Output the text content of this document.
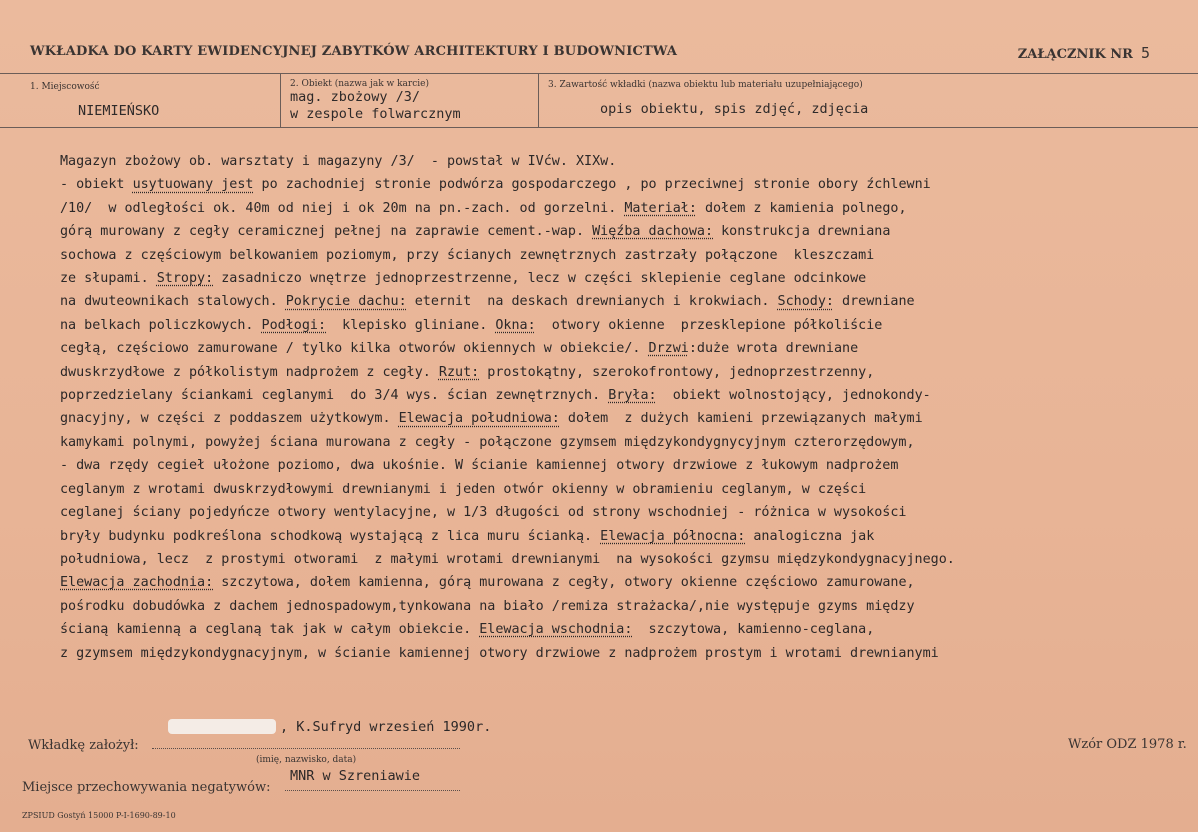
WKŁADKA DO KARTY EWIDENCYJNEJ ZABYTKÓW ARCHITEKTURY I BUDOWNICTWA	ZAŁĄCZNIK NR 5
1. Miejscowość
NIEMIEŃSKO
2. Obiekt (nazwa jak w karcie)
mag. zbożowy /3/
w zespole folwarcznym
3. Zawartość wkładki (nazwa obiektu lub materiału uzupełniającego)
opis obiektu, spis zdjęć, zdjęcia
Magazyn zbożowy ob. warsztaty i magazyny /3/  - powstał w IVćw. XIXw.
- obiekt usytuowany jest po zachodniej stronie podwórza gospodarczego , po przeciwnej stronie obory źchlewni
/10/  w odległości ok. 40m od niej i ok 20m na pn.-zach. od gorzelni. Materiał: dołem z kamienia polnego,
górą murowany z cegły ceramicznej pełnej na zaprawie cement.-wap. Więźba dachowa: konstrukcja drewniana
sochowa z częściowym belkowaniem poziomym, przy ścianych zewnętrznych zastrzały połączone  kleszczami
ze słupami. Stropy: zasadniczo wnętrze jednoprzestrzenne, lecz w części sklepienie ceglane odcinkowe
na dwuteownikach stalowych. Pokrycie dachu: eternit  na deskach drewnianych i krokwiach. Schody: drewniane
na belkach policzkowych. Podłogi:  klepisko gliniane. Okna:  otwory okienne  przesklepione półkoliście
cegłą, częściowo zamurowane / tylko kilka otworów okiennych w obiekcie/. Drzwi:duże wrota drewniane
dwuskrzydłowe z półkolistym nadprożem z cegły. Rzut: prostokątny, szerokofrontowy, jednoprzestrzenny,
poprzedzielany ściankami ceglanymi  do 3/4 wys. ścian zewnętrznych. Bryła:  obiekt wolnostojący, jednokondy-
gnacyjny, w części z poddaszem użytkowym. Elewacja południowa: dołem  z dużych kamieni przewiązanych małymi
kamykami polnymi, powyżej ściana murowana z cegły - połączone gzymsem międzykondygnycyjnym czterorzędowym,
- dwa rzędy cegieł ułożone poziomo, dwa ukośnie. W ścianie kamiennej otwory drzwiowe z łukowym nadprożem
ceglanym z wrotami dwuskrzydłowymi drewnianymi i jeden otwór okienny w obramieniu ceglanym, w części
ceglanej ściany pojedyńcze otwory wentylacyjne, w 1/3 długości od strony wschodniej - różnica w wysokości
bryły budynku podkreślona schodkową wystającą z lica muru ścianką. Elewacja północna: analogiczna jak
południowa, lecz  z prostymi otworami  z małymi wrotami drewnianymi  na wysokości gzymsu międzykondygnacyjnego.
Elewacja zachodnia: szczytowa, dołem kamienna, górą murowana z cegły, otwory okienne częściowo zamurowane,
pośrodku dobudówka z dachem jednospadowym,tynkowana na biało /remiza strażacka/,nie występuje gzyms między
ścianą kamienną a ceglaną tak jak w całym obiekcie. Elewacja wschodnia:  szczytowa, kamienno-ceglana,
z gzymsem międzykondygnacyjnym, w ścianie kamiennej otwory drzwiowe z nadprożem prostym i wrotami drewnianymi
, K.Sufryd wrzesień 1990r.
Wkładkę założył:
(imię, nazwisko, data)
Wzór ODZ 1978 r.
MNR w Szreniawie
Miejsce przechowywania negatywów:
ZPSIUD Gostyń 15000 P-I-1690-89-10
